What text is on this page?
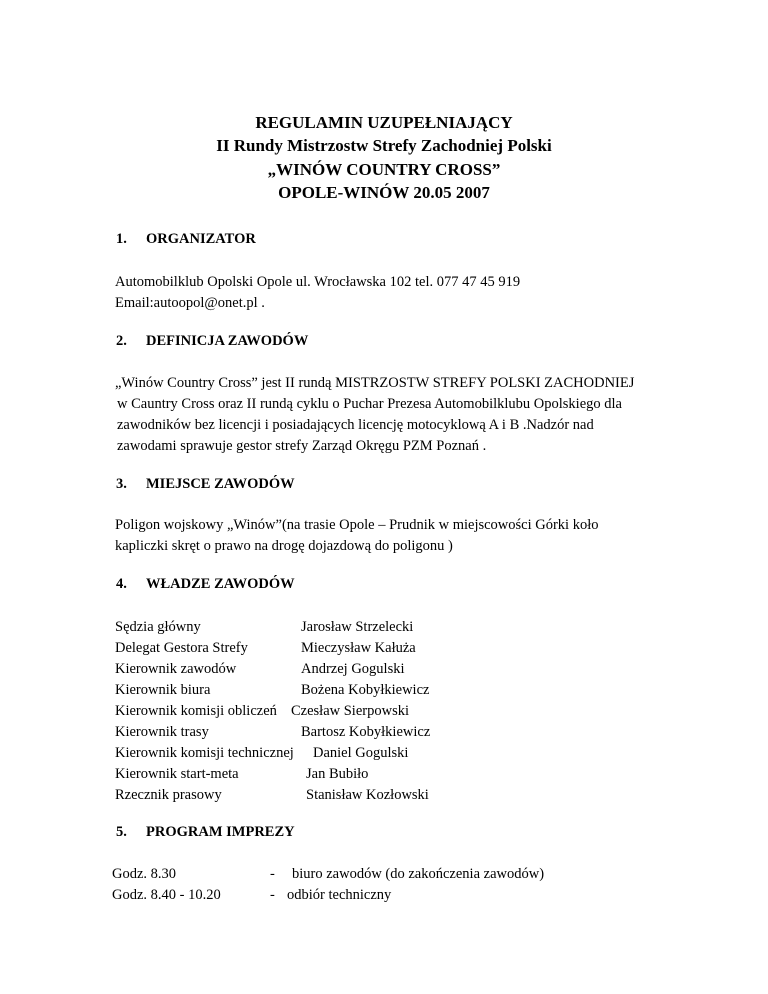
REGULAMIN UZUPEŁNIAJĄCY
II Rundy Mistrzostw Strefy Zachodniej Polski
„WINÓW COUNTRY CROSS”
OPOLE-WINÓW 20.05 2007
1. ORGANIZATOR
Automobilklub Opolski Opole ul. Wrocławska 102 tel. 077 47 45 919
Email:autoopol@onet.pl .
2. DEFINICJA ZAWODÓW
„Winów Country Cross” jest II rundą MISTRZOSTW STREFY POLSKI ZACHODNIEJ
w Cauntry Cross oraz II rundą cyklu o Puchar Prezesa Automobilklubu Opolskiego dla
zawodników bez licencji i posiadających licencję motocyklową A i B .Nadzór nad
zawodami sprawuje gestor strefy Zarząd Okręgu PZM Poznań .
3. MIEJSCE ZAWODÓW
Poligon wojskowy „Winów”(na trasie Opole – Prudnik w miejscowości Górki koło
kapliczki skręt o prawo na drogę dojazdową do poligonu )
4. WŁADZE ZAWODÓW
Sędzia główny	Jarosław Strzelecki
Delegat Gestora Strefy	Mieczysław Kałuża
Kierownik zawodów	Andrzej Gogulski
Kierownik biura	Bożena Kobyłkiewicz
Kierownik komisji obliczeń Czesław Sierpowski
Kierownik trasy	Bartosz Kobyłkiewicz
Kierownik komisji technicznej Daniel Gogulski
Kierownik start-meta	Jan Bubiło
Rzecznik prasowy	Stanisław Kozłowski
5. PROGRAM IMPREZY
Godz. 8.30	- biuro zawodów (do zakończenia zawodów)
Godz. 8.40 - 10.20	- odbiór techniczny
